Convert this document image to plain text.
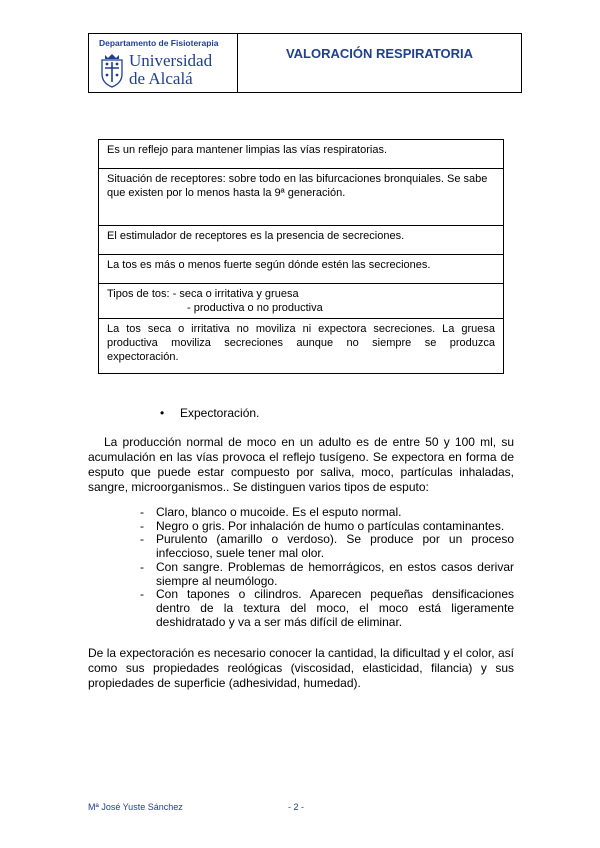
Departamento de Fisioterapia
Universidad
de Alcalá
VALORACIÓN RESPIRATORIA
Es un reflejo para mantener limpias las vías respiratorias.
Situación de receptores: sobre todo en las bifurcaciones bronquiales. Se sabe que existen por lo menos hasta la 9ª generación.
El estimulador de receptores es la presencia de secreciones.
La tos es más o menos fuerte según dónde estén las secreciones.

Tipos de tos: - seca o irritativa y gruesa
- productiva o no productiva

La tos seca o irritativa no moviliza ni expectora secreciones. La gruesa productiva moviliza secreciones aunque no siempre se produzca expectoración.
• Expectoración.
La producción normal de moco en un adulto es de entre 50 y 100 ml, su acumulación en las vías provoca el reflejo tusígeno. Se expectora en forma de esputo que puede estar compuesto por saliva, moco, partículas inhaladas, sangre, microorganismos.. Se distinguen varios tipos de esputo:
- Claro, blanco o mucoide. Es el esputo normal.
- Negro o gris. Por inhalación de humo o partículas contaminantes.
- Purulento (amarillo o verdoso). Se produce por un proceso infeccioso, suele tener mal olor.
- Con sangre. Problemas de hemorrágicos, en estos casos derivar siempre al neumólogo.
- Con tapones o cilindros. Aparecen pequeñas densificaciones dentro de la textura del moco, el moco está ligeramente deshidratado y va a ser más difícil de eliminar.
De la expectoración es necesario conocer la cantidad, la dificultad y el color, así como sus propiedades reológicas (viscosidad, elasticidad, filancia) y sus propiedades de superficie (adhesividad, humedad).
Mª José Yuste Sánchez	- 2 -
